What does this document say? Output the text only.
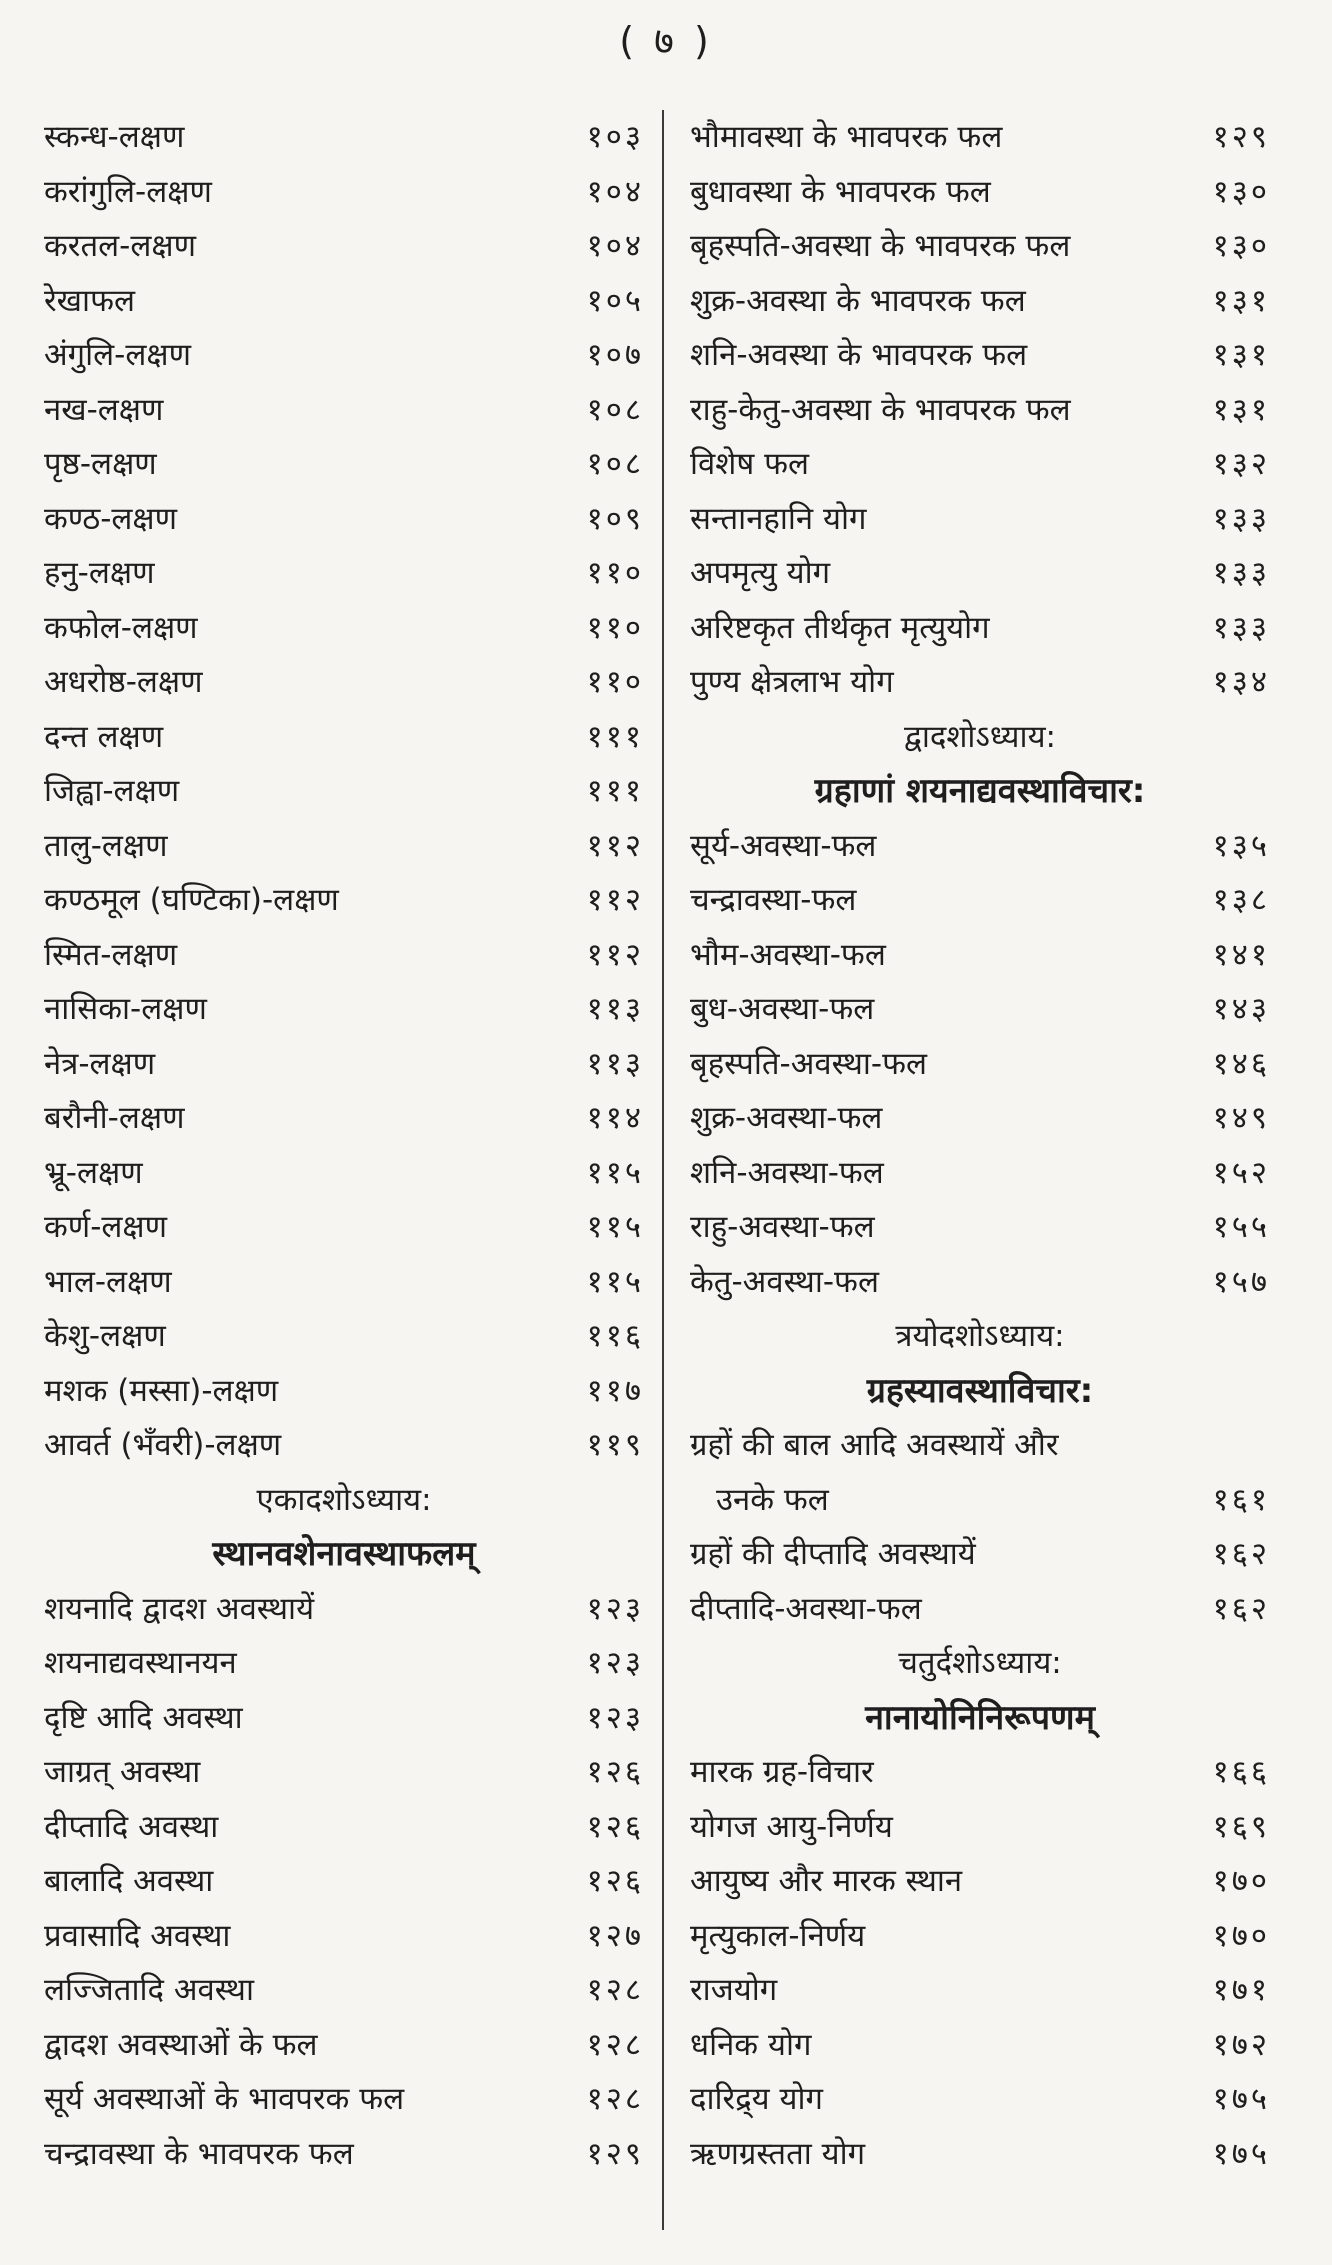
( ७ )
स्कन्ध-लक्षण	१०३
करांगुलि-लक्षण	१०४
करतल-लक्षण	१०४
रेखाफल	१०५
अंगुलि-लक्षण	१०७
नख-लक्षण	१०८
पृष्ठ-लक्षण	१०८
कण्ठ-लक्षण	१०९
हनु-लक्षण	११०
कफोल-लक्षण	११०
अधरोष्ठ-लक्षण	११०
दन्त लक्षण	१११
जिह्वा-लक्षण	१११
तालु-लक्षण	११२
कण्ठमूल (घण्टिका)-लक्षण	११२
स्मित-लक्षण	११२
नासिका-लक्षण	११३
नेत्र-लक्षण	११३
बरौनी-लक्षण	११४
भ्रू-लक्षण	११५
कर्ण-लक्षण	११५
भाल-लक्षण	११५
केशु-लक्षण	११६
मशक (मस्सा)-लक्षण	११७
आवर्त (भँवरी)-लक्षण	११९
एकादशोऽध्याय:
स्थानवशेनावस्थाफलम्
शयनादि द्वादश अवस्थायें	१२३
शयनाद्यवस्थानयन	१२३
दृष्टि आदि अवस्था	१२३
जाग्रत् अवस्था	१२६
दीप्तादि अवस्था	१२६
बालादि अवस्था	१२६
प्रवासादि अवस्था	१२७
लज्जितादि अवस्था	१२८
द्वादश अवस्थाओं के फल	१२८
सूर्य अवस्थाओं के भावपरक फल	१२८
चन्द्रावस्था के भावपरक फल	१२९
भौमावस्था के भावपरक फल	१२९
बुधावस्था के भावपरक फल	१३०
बृहस्पति-अवस्था के भावपरक फल	१३०
शुक्र-अवस्था के भावपरक फल	१३१
शनि-अवस्था के भावपरक फल	१३१
राहु-केतु-अवस्था के भावपरक फल	१३१
विशेष फल	१३२
सन्तानहानि योग	१३३
अपमृत्यु योग	१३३
अरिष्टकृत तीर्थकृत मृत्युयोग	१३३
पुण्य क्षेत्रलाभ योग	१३४
द्वादशोऽध्याय:
ग्रहाणां शयनाद्यवस्थाविचार:
सूर्य-अवस्था-फल	१३५
चन्द्रावस्था-फल	१३८
भौम-अवस्था-फल	१४१
बुध-अवस्था-फल	१४३
बृहस्पति-अवस्था-फल	१४६
शुक्र-अवस्था-फल	१४९
शनि-अवस्था-फल	१५२
राहु-अवस्था-फल	१५५
केतु-अवस्था-फल	१५७
त्रयोदशोऽध्याय:
ग्रहस्यावस्थाविचार:
ग्रहों की बाल आदि अवस्थायें और
उनके फल	१६१
ग्रहों की दीप्तादि अवस्थायें	१६२
दीप्तादि-अवस्था-फल	१६२
चतुर्दशोऽध्याय:
नानायोनिनिरूपणम्
मारक ग्रह-विचार	१६६
योगज आयु-निर्णय	१६९
आयुष्य और मारक स्थान	१७०
मृत्युकाल-निर्णय	१७०
राजयोग	१७१
धनिक योग	१७२
दारिद्र्य योग	१७५
ऋणग्रस्तता योग	१७५
